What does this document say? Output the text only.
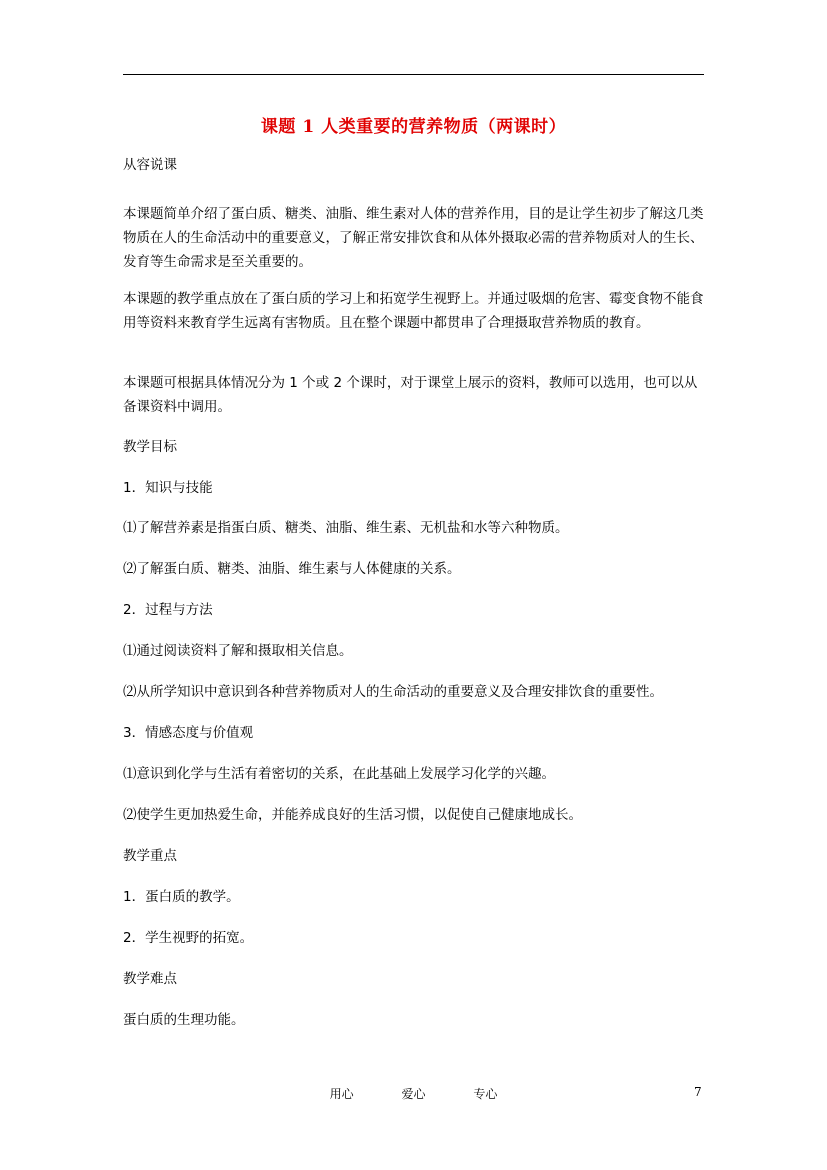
课题 1 人类重要的营养物质（两课时）

从容说课

本课题简单介绍了蛋白质、糖类、油脂、维生素对人体的营养作用，目的是让学生初步了解这几类物质在人的生命活动中的重要意义，了解正常安排饮食和从体外摄取必需的营养物质对人的生长、发育等生命需求是至关重要的。

本课题的教学重点放在了蛋白质的学习上和拓宽学生视野上。并通过吸烟的危害、霉变食物不能食用等资料来教育学生远离有害物质。且在整个课题中都贯串了合理摄取营养物质的教育。

本课题可根据具体情况分为 1 个或 2 个课时，对于课堂上展示的资料，教师可以选用，也可以从备课资料中调用。

教学目标

1．知识与技能

⑴了解营养素是指蛋白质、糖类、油脂、维生素、无机盐和水等六种物质。

⑵了解蛋白质、糖类、油脂、维生素与人体健康的关系。

2．过程与方法

⑴通过阅读资料了解和摄取相关信息。

⑵从所学知识中意识到各种营养物质对人的生命活动的重要意义及合理安排饮食的重要性。

3．情感态度与价值观

⑴意识到化学与生活有着密切的关系，在此基础上发展学习化学的兴趣。

⑵使学生更加热爱生命，并能养成良好的生活习惯，以促使自己健康地成长。

教学重点

1．蛋白质的教学。

2．学生视野的拓宽。

教学难点

蛋白质的生理功能。

用心	爱心	专心	7
